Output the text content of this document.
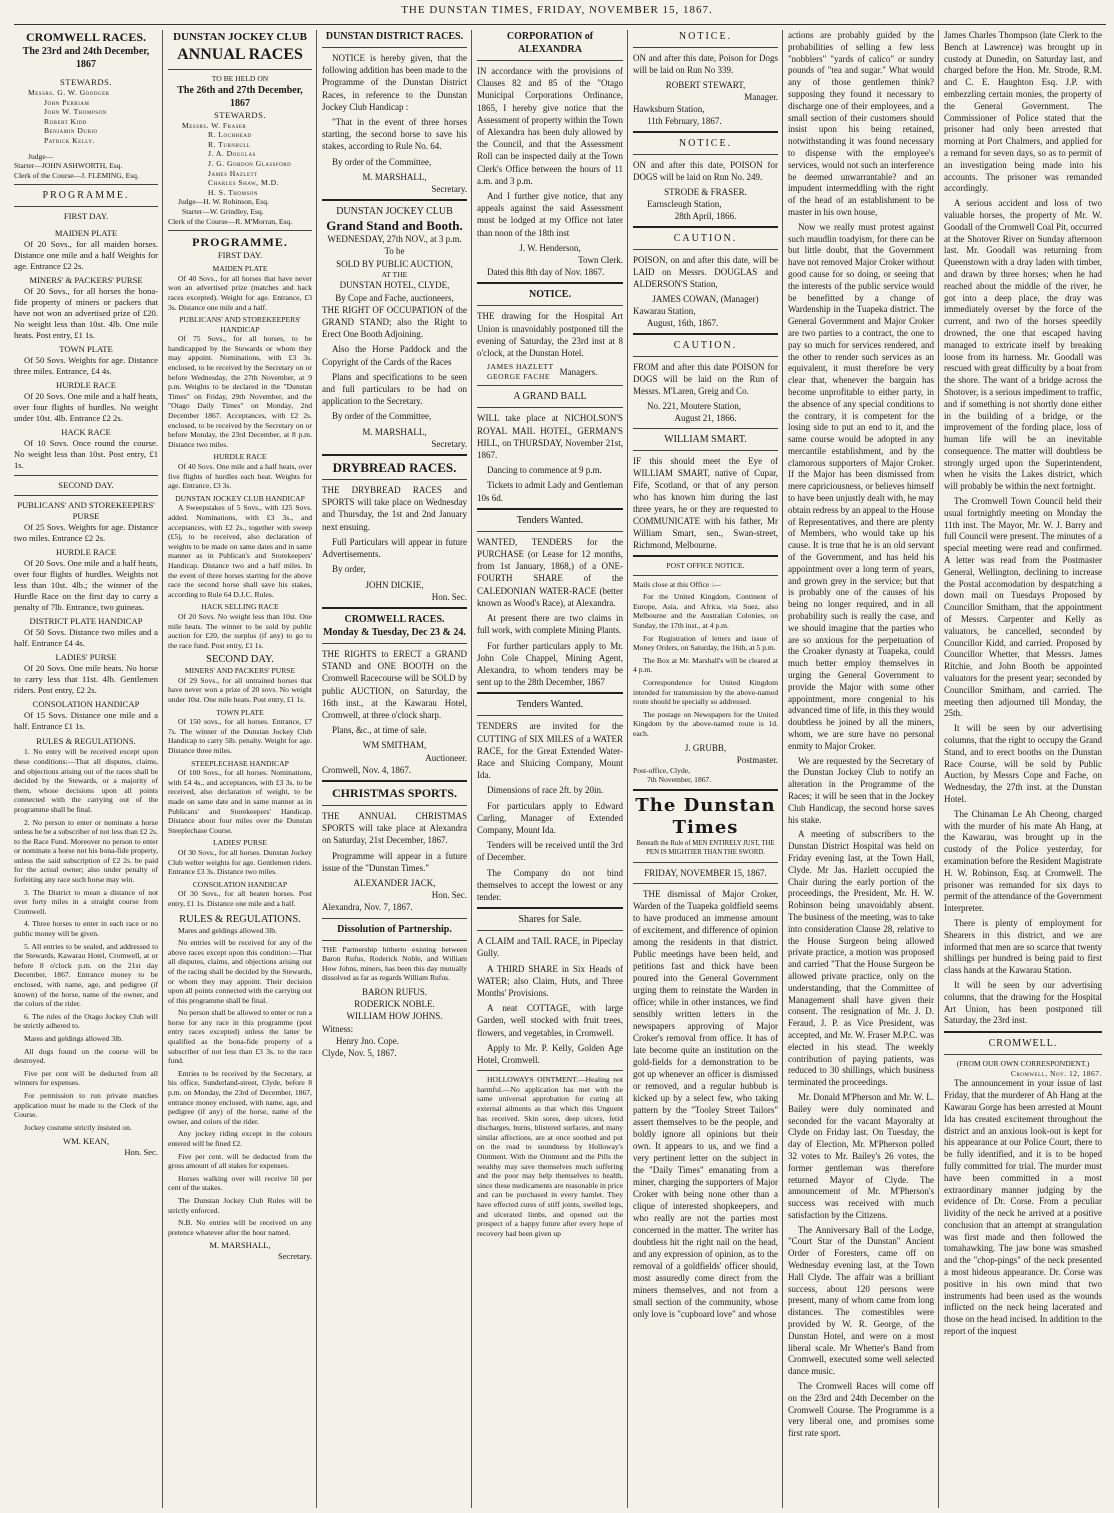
THE DUNSTAN TIMES, FRIDAY, NOVEMBER 15, 1867.
CROMWELL RACES.
The 23rd and 24th December, 1867
STEWARDS.
Messrs. G. W. Goodger
John Perriam
John W. Thompson
Robert Kidd
Benjamin Dubio
Patrick Kelly.
Judge—
Starter—JOHN ASHWORTH, Esq.
Clerk of the Course—J. FLEMING, Esq.
PROGRAMME.
FIRST DAY.
MAIDEN PLATE

Of 20 Sovs., for all maiden horses. Distance one mile and a half Weights for age. Entrance £2 2s.

MINERS' & PACKERS' PURSE

Of 20 Sovs., for all horses the bona-fide property of miners or packers that have not won an advertised prize of £20. No weight less than 10st. 4lb. One mile heats. Post entry, £1 1s.

TOWN PLATE

Of 50 Sovs. Weights for age. Distance three miles. Entrance, £4 4s.

HURDLE RACE

Of 20 Sovs. One mile and a half heats, over four flights of hurdles. No weight under 10st. 4lb. Entrance £2 2s.

HACK RACE

Of 10 Sovs. Once round the course. No weight less than 10st. Post entry, £1 1s.

SECOND DAY.
PUBLICANS' AND STOREKEEPERS' PURSE

Of 25 Sovs. Weights for age. Distance two miles. Entrance £2 2s.

HURDLE RACE

Of 20 Sovs. One mile and a half heats, over four flights of hurdles. Weights not less than 10st. 4lb.; the winner of the Hurdle Race on the first day to carry a penalty of 7lb. Entrance, two guineas.

DISTRICT PLATE HANDICAP

Of 50 Sovs. Distance two miles and a half. Entrance £4 4s.

LADIES' PURSE

Of 20 Sovs. One mile heats. No horse to carry less that 11st. 4lb. Gentlemen riders. Post entry, £2 2s.

CONSOLATION HANDICAP

Of 15 Sovs. Distance one mile and a half. Entrance £1 1s.

RULES & REGULATIONS.

1. No entry will be received except upon these conditions:—That all disputes, claims, and objections arising out of the races shall be decided by the Stewards, or a majority of them, whose decisions upon all points connected with the carrying out of the programme shall be final.

2. No person to enter or nominate a horse unless he be a subscriber of not less than £2 2s. to the Race Fund. Moreover no person to enter or nominate a horse not his bona-fide property, unless the said subscription of £2 2s. be paid for the actual owner; also under penalty of forfeiting any race such horse may win.

3. The District to mean a distance of not over forty miles in a straight course from Cromwell.

4. Three horses to enter in each race or no public money will be given.

5. All entries to be sealed, and addressed to the Stewards, Kawarau Hotel, Cromwell, at or before 8 o'clock p.m. on the 21st day December, 1867. Entrance money to be enclosed, with name, age, and pedigree (if known) of the horse, name of the owner, and the colors of the rider.

6. The rules of the Otago Jockey Club will be strictly adhered to.

Mares and geldings allowed 3lb.

All dogs found on the course will be destroyed.

Five per cent will be deducted from all winners for expenses.

For permission to run private matches application must be made to the Clerk of the Course.

Jockey costume strictly insisted on.

WM. KEAN,
Hon. Sec.
DUNSTAN JOCKEY CLUB
ANNUAL RACES
TO BE HELD ON
The 26th and 27th December, 1867
STEWARDS.
Messrs. W. Fraser
R. Lochhead
R. Turnbull
J. A. Douglas
J. G. Gordon Glassford
James Hazlett
Charles Shaw, M.D.
H. S. Thomson
Judge—H. W. Robinson, Esq.
Starter—W. Grindley, Esq.
Clerk of the Course—R. M'Morran, Esq.
PROGRAMME.
FIRST DAY.
MAIDEN PLATE

Of 40 Sovs., for all horses that have never won an advertised prize (matches and hack races excepted). Weight for age. Entrance, £3 3s. Distance one mile and a half.

PUBLICANS' AND STOREKEEPERS' HANDICAP

Of 75 Sovs., for all horses, to be handicapped by the Stewards or whom they may appoint. Nominations, with £3 3s. enclosed, to be received by the Secretary on or before Wednesday, the 27th November, at 9 p.m. Weights to be declared in the "Dunstan Times" on Friday, 29th November, and the "Otago Daily Times" on Monday, 2nd December 1867. Acceptances, with £2 2s. enclosed, to be received by the Secretary on or before Monday, the 23rd December, at 8 p.m. Distance two miles.

HURDLE RACE

Of 40 Sovs. One mile and a half heats, over five flights of hurdles each heat. Weights for age. Entrance, £3 3s.

DUNSTAN JOCKEY CLUB HANDICAP

A Sweepstakes of 5 Sovs., with 125 Sovs. added. Nominations, with £3 3s., and acceptances, with £2 2s., together with sweep (£5), to be received, also declaration of weights to be made on same dates and in same manner as in Publican's and Storekeepers' Handicap. Distance two and a half miles. In the event of three horses starting for the above race the second horse shall save his stakes, according to Rule 64 D.J.C. Rules.

HACK SELLING RACE

Of 20 Sovs. No weight less than 10st. One mile heats. The winner to be sold by public auction for £20, the surplus (if any) to go to the race fund. Post entry, £1 1s.

SECOND DAY.
MINERS' AND PACKERS' PURSE

Of 29 Sovs., for all untrained horses that have never won a prize of 20 sovs. No weight under 10st. One mile heats. Post entry, £1 1s.

TOWN PLATE

Of 150 sovs., for all horses. Entrance, £7 7s. The winner of the Dunstan Jockey Club Handicap to carry 5lb. penalty. Weight for age. Distance three miles.

STEEPLECHASE HANDICAP

Of 100 Sovs., for all horses. Nominations, with £4 4s., and acceptances, with £3 3s. to be received, also declaration of weight, to be made on same date and in same manner as in Publicans' and Storekeepers' Handicap. Distance about four miles over the Dunstan Steeplechase Course.

LADIES' PURSE

Of 30 Sovs., for all horses. Dunstan Jockey Club welter weights for age. Gentlemen riders. Entrance £3 3s. Distance two miles.

CONSOLATION HANDICAP

Of 30 Sovs., for all beaten horses. Post entry, £1 1s. Distance one mile and a half.

RULES & REGULATIONS.

Mares and geldings allowed 3lb.

No entries will be received for any of the above races except upon this condition:—That all disputes, claims, and objections arising out of the racing shall be decided by the Stewards, or whom they may appoint. Their decision upon all points connected with the carrying out of this programme shall be final.

No person shall be allowed to enter or run a horse for any race in this programme (post entry races excepted) unless the latter be qualified as the bona-fide property of a subscriber of not less than £3 3s. to the race fund.

Entries to be received by the Secretary, at his office, Sunderland-street, Clyde, before 8 p.m. on Monday, the 23rd of December, 1867, entrance money enclosed, with name, age, and pedigree (if any) of the horse, name of the owner, and colors of the rider.

Any jockey riding except in the colours entered will be fined £2.

Five per cent. will be deducted from the gross amount of all stakes for expenses.

Horses walking over will receive 50 per cent of the stakes.

The Dunstan Jockey Club Rules will be strictly enforced.

N.B. No entries will be received on any pretence whatever after the hour named.

M. MARSHALL,
Secretary.
DUNSTAN DISTRICT RACES.

NOTICE is hereby given, that the following addition has been made to the Programme of the Dunstan District Races, in reference to the Dunstan Jockey Club Handicap :

"That in the event of three horses starting, the second horse to save his stakes, according to Rule No. 64.

By order of the Committee,

M. MARSHALL,
Secretary.
DUNSTAN JOCKEY CLUB
Grand Stand and Booth.
WEDNESDAY, 27th NOV., at 3 p.m.
To be
SOLD BY PUBLIC AUCTION,
AT THE
DUNSTAN HOTEL, CLYDE,
By Cope and Fache, auctioneers,

THE RIGHT OF OCCUPATION of the GRAND STAND; also the Right to Erect One Booth Adjoining.

Also the Horse Paddock and the Copyright of the Cards of the Races

Plans and specifications to be seen and full particulars to be had on application to the Secretary.

By order of the Committee,

M. MARSHALL,
Secretary.
DRYBREAD RACES.

THE DRYBREAD RACES and SPORTS will take place on Wednesday and Thursday, the 1st and 2nd January next ensuing.

Full Particulars will appear in future Advertisements.

By order,

JOHN DICKIE,
Hon. Sec.
CROMWELL RACES.
Monday & Tuesday, Dec 23 & 24.

THE RIGHTS to ERECT a GRAND STAND and ONE BOOTH on the Cromwell Racecourse will be SOLD by public AUCTION, on Saturday, the 16th inst., at the Kawarau Hotel, Cromwell, at three o'clock sharp.

Plans, &c., at time of sale.

WM SMITHAM,
Auctioneer.

Cromwell, Nov. 4, 1867.

CHRISTMAS SPORTS.

THE ANNUAL CHRISTMAS SPORTS will take place at Alexandra on Saturday, 21st December, 1867.

Programme will appear in a future issue of the "Dunstan Times."

ALEXANDER JACK,
Hon. Sec.

Alexandra, Nov. 7, 1867.

Dissolution of Partnership.

THE Partnership hitherto existing between Baron Rufus, Roderick Noble, and William How Johns, miners, has been this day mutually dissolved as far as regards William Rufus.

BARON RUFUS.
RODERICK NOBLE.
WILLIAM HOW JOHNS.
Witness:
Henry Jno. Cope.
Clyde, Nov. 5, 1867.
CORPORATION of ALEXANDRA

IN accordance with the provisions of Clauses 82 and 85 of the "Otago Municipal Corporations Ordinance, 1865, I hereby give notice that the Assessment of property within the Town of Alexandra has been duly allowed by the Council, and that the Assessment Roll can be inspected daily at the Town Clerk's Office between the hours of 11 a.m. and 3 p.m.

And I further give notice, that any appeals against the said Assessment must be lodged at my Office not later than noon of the 18th inst

J. W. Henderson,
Town Clerk.

Dated this 8th day of Nov. 1867.

NOTICE.

THE drawing for the Hospital Art Union is unavoidably postponed till the evening of Saturday, the 23rd inst at 8 o'clock, at the Dunstan Hotel.

JAMES HAZLETT
GEORGE FACHE	Managers.
A GRAND BALL

WILL take place at NICHOLSON'S ROYAL MAIL HOTEL, GERMAN'S HILL, on THURSDAY, November 21st, 1867.

Dancing to commence at 9 p.m.

Tickets to admit Lady and Gentleman 10s 6d.

Tenders Wanted.

WANTED, TENDERS for the PURCHASE (or Lease for 12 months, from 1st January, 1868,) of a ONE-FOURTH SHARE of the CALEDONIAN WATER-RACE (better known as Wood's Race), at Alexandra.

At present there are two claims in full work, with complete Mining Plants.

For further particulars apply to Mr. John Cole Chappel, Mining Agent, Alexandra, to whom tenders may be sent up to the 28th December, 1867

Tenders Wanted.

TENDERS are invited for the CUTTING of SIX MILES of a WATER RACE, for the Great Extended Water-Race and Sluicing Company, Mount Ida.

Dimensions of race 2ft. by 20in.

For particulars apply to Edward Carling, Manager of Extended Company, Mount Ida.

Tenders will be received until the 3rd of December.

The Company do not bind themselves to accept the lowest or any tender.

Shares for Sale.

A CLAIM and TAIL RACE, in Pipeclay Gully.

A THIRD SHARE in Six Heads of WATER; also Claim, Huts, and Three Months' Provisions.

A neat COTTAGE, with large Garden, well stocked with fruit trees, flowers, and vegetables, in Cromwell.

Apply to Mr. P. Kelly, Golden Age Hotel, Cromwell.

HOLLOWAYS OINTMENT.—Healing not harmful.—No application has met with the same universal approbation for curing all external ailments as that which this Unguent has received. Skin sores, deep ulcers, fetid discharges, burns, blistered surfaces, and many similar affections, are at once soothed and put on the road to soundness by Holloway's Ointment. With the Ointment and the Pills the wealthy may save themselves much suffering and the poor may help themselves to health, since these medicaments are reasonable in price and can be purchased in every hamlet. They have effected cures of stiff joints, swelled legs, and ulcerated limbs, and opened out the prospect of a happy future after every hope of recovery had been given up

NOTICE.

ON and after this date, Poison for Dogs will be laid on Run No 339.

ROBERT STEWART,
Manager.
Hawksburn Station,
11th February, 1867.
NOTICE.

ON and after this date, POISON for DOGS will be laid on Run No. 249.

STRODE & FRASER.
Earnscleugh Station,
28th April, 1866.
CAUTION.

POISON, on and after this date, will be LAID on Messrs. DOUGLAS and ALDERSON'S Station,

JAMES COWAN, (Manager)
Kawarau Station,
August, 16th, 1867.
CAUTION.

FROM and after this date POISON for DOGS will be laid on the Run of Messrs. M'Laren, Greig and Co.

No. 221, Moutere Station,
August 21, 1866.
WILLIAM SMART.

IF this should meet the Eye of WILLIAM SMART, native of Cupar, Fife, Scotland, or that of any person who has known him during the last three years, he or they are requested to COMMUNICATE with his father, Mr William Smart, sen., Swan-street, Richmond, Melbourne.

POST OFFICE NOTICE.

Mails close at this Office :—

For the United Kingdom, Continent of Europe, Asia, and Africa, via Suez, also Melbourne and the Australian Colonies, on Sunday, the 17th inst., at 4 p.m.

For Registration of letters and issue of Money Orders, on Saturday, the 16th, at 5 p.m.

The Box at Mr. Marshall's will be cleared at 4 p.m.

Correspondence for United Kingdom intended for transmission by the above-named route should be specially so addressed.

The postage on Newspapers for the United Kingdom by the above-named route is 1d. each.

J. GRUBB,
Postmaster.
Post-office, Clyde,
7th November, 1867.
The Dunstan Times
Beneath the Rule of MEN ENTIRELY JUST, THE PEN IS MIGHTIER THAN THE SWORD.
FRIDAY, NOVEMBER 15, 1867.

THE dismissal of Major Croker, Warden of the Tuapeka goldfield seems to have produced an immense amount of excitement, and difference of opinion among the residents in that district. Public meetings have been held, and petitions fast and thick have been poured into the General Government urging them to reinstate the Warden in office; while in other instances, we find sensibly written letters in the newspapers approving of Major Croker's removal from office. It has of late become quite an institution on the gold-fields for a demonstration to be got up whenever an officer is dismissed or removed, and a regular hubbub is kicked up by a select few, who taking pattern by the "Tooley Street Tailors" assert themselves to be the people, and boldly ignore all opinions but their own. It appears to us, and we find a very pertinent letter on the subject in the "Daily Times" emanating from a miner, charging the supporters of Major Croker with being none other than a clique of interested shopkeepers, and who really are not the parties most concerned in the matter. The writer has doubtless hit the right nail on the head, and any expression of opinion, as to the removal of a goldfields' officer should, most assuredly come direct from the miners themselves, and not from a small section of the community, whose only love is "cupboard love" and whose

actions are probably guided by the probabilities of selling a few less "nobblers" "yards of calico" or sundry pounds of "tea and sugar." What would any of those gentlemen think? supposing they found it necessary to discharge one of their employees, and a small section of their customers should insist upon his being retained, notwithstanding it was found necessary to dispense with the employee's services, would not such an interference be deemed unwarrantable? and an impudent intermeddling with the right of the head of an establishment to be master in his own house,

Now we really must protest against such maudlin toadyism, for there can be but little doubt, that the Government have not removed Major Croker without good cause for so doing, or seeing that the interests of the public service would be benefitted by a change of Wardenship in the Tuapeka district. The General Government and Major Croker are two parties to a contract, the one to pay so much for services rendered, and the other to render such services as an equivalent, it must therefore be very clear that, whenever the bargain has become unprofitable to either party, in the absence of any special conditions to the contrary, it is competent for the losing side to put an end to it, and the same course would be adopted in any mercantile establishment, and by the clamorous supporters of Major Croker. If the Major has been dismissed from mere capriciousness, or believes himself to have been unjustly dealt with, he may obtain redress by an appeal to the House of Representatives, and there are plenty of Members, who would take up his cause. It is true that he is an old servant of the Government, and has held his appointment over a long term of years, and grown grey in the service; but that is probably one of the causes of his being no longer required, and in all probability such is really the case, and we should imagine that the parties who are so anxious for the perpetuation of the Croaker dynasty at Tuapeka, could much better employ themselves in urging the General Government to provide the Major with some other appointment, more congenial to his advanced time of life, in this they would doubtless be joined by all the miners, whom, we are sure have no personal enmity to Major Croker.

We are requested by the Secretary of the Dunstan Jockey Club to notify an alteration in the Programme of the Races; it will be seen that in the Jockey Club Handicap, the second horse saves his stake.

A meeting of subscribers to the Dunstan District Hospital was held on Friday evening last, at the Town Hall, Clyde. Mr Jas. Hazlett occupied the Chair during the early portion of the proceedings, the President, Mr. H. W. Robinson being unavoidably absent. The business of the meeting, was to take into consideration Clause 28, relative to the House Surgeon being allowed private practice, a motion was proposed and carried "That the House Surgeon be allowed private practice, only on the understanding, that the Committee of Management shall have given their consent. The resignation of Mr. J. D. Feraud, J. P. as Vice President, was accepted, and Mr. W. Fraser M.P.C. was elected in his stead. The weekly contribution of paying patients, was reduced to 30 shillings, which business terminated the proceedings.

Mr. Donald M'Pherson and Mr. W. L. Bailey were duly nominated and seconded for the vacant Mayoralty at Clyde on Friday last. On Tuesday, the day of Election, Mr. M'Pherson polled 32 votes to Mr. Bailey's 26 votes, the former gentleman was therefore returned Mayor of Clyde. The announcement of Mr. M'Pherson's success was received with much satisfaction by the Citizens.

The Anniversary Ball of the Lodge, "Court Star of the Dunstan" Ancient Order of Foresters, came off on Wednesday evening last, at the Town Hall Clyde. The affair was a brilliant success, about 120 persons were present, many of whom came from long distances. The comestibles were provided by W. R. George, of the Dunstan Hotel, and were on a most liberal scale. Mr Whetter's Band from Cromwell, executed some well selected dance music.

The Cromwell Races will come off on the 23rd and 24th December on the Cromwell Course. The Programme is a very liberal one, and promises some first rate sport.

James Charles Thompson (late Clerk to the Bench at Lawrence) was brought up in custody at Dunedin, on Saturday last, and charged before the Hon. Mr. Strode, R.M. and C. E. Haughton Esq. J.P. with embezzling certain monies, the property of the General Government. The Commissioner of Police stated that the prisoner had only been arrested that morning at Port Chalmers, and applied for a remand for seven days, so as to permit of an investigation being made into his accounts. The prisoner was remanded accordingly.

A serious accident and loss of two valuable horses, the property of Mr. W. Goodall of the Cromwell Coal Pit, occurred at the Shotover River on Sunday afternoon last. Mr. Goodall was returning from Queenstown with a dray laden with timber, and drawn by three horses; when he had reached about the middle of the river, he got into a deep place, the dray was immediately overset by the force of the current, and two of the horses speedily drowned, the one that escaped having managed to extricate itself by breaking loose from its harness. Mr. Goodall was rescued with great difficulty by a boat from the shore. The want of a bridge across the Shotover, is a serious impediment to traffic, and if something is not shortly done either in the building of a bridge, or the improvement of the fording place, loss of human life will be an inevitable consequence. The matter will doubtless be strongly urged upon the Superintendent, when he visits the Lakes district, which will probably be within the next fortnight.

The Cromwell Town Council held their usual fortnightly meeting on Monday the 11th inst. The Mayor, Mr. W. J. Barry and full Council were present. The minutes of a special meeting were read and confirmed. A letter was read from the Postmaster General, Wellington, declining to increase the Postal accomodation by despatching a down mail on Tuesdays Proposed by Councillor Smitham, that the appointment of Messrs. Carpenter and Kelly as valuators, be cancelled, seconded by Councillor Kidd, and carried. Proposed by Councillor Whetter, that Messrs. James Ritchie, and John Booth be appointed valuators for the present year; seconded by Councillor Smitham, and carried. The meeting then adjourned till Monday, the 25th.

It will be seen by our advertising columns, that the right to occupy the Grand Stand, and to erect booths on the Dunstan Race Course, will be sold by Public Auction, by Messrs Cope and Fache, on Wednesday, the 27th inst. at the Dunstan Hotel.

The Chinaman Le Ah Cheong, charged with the murder of his mate Ah Hang, at the Kawarau, was brought up in the custody of the Police yesterday, for examination before the Resident Magistrate H. W. Robinson, Esq. at Cromwell. The prisoner was remanded for six days to permit of the attendance of the Government Interpreter.

There is plenty of employment for Shearers in this district, and we are informed that men are so scarce that twenty shillings per hundred is being paid to first class hands at the Kawarau Station.

It will be seen by our advertising columns, that the drawing for the Hospital Art Union, has been postponed till Saturday, the 23rd inst.

CROMWELL.
(FROM OUR OWN CORRESPONDENT.)
Cromwell, Nov. 12, 1867.

The announcement in your issue of last Friday, that the murderer of Ah Hang at the Kawarau Gorge has been arrested at Mount Ida has created excitement throughout the district and an anxious look-out is kept for his appearance at our Police Court, there to be fully identified, and it is to be hoped fully committed for trial. The murder must have been committed in a most extraordinary manner judging by the evidence of Dr. Corse. From a peculiar lividity of the neck he arrived at a positive conclusion that an attempt at strangulation was first made and then followed the tomahawking. The jaw bone was smashed and the "chop-pings" of the neck presented a most hideous appearance. Dr. Corse was positive in his own mind that two instruments had been used as the wounds inflicted on the neck being lacerated and those on the head incised. In addition to the report of the inquest
